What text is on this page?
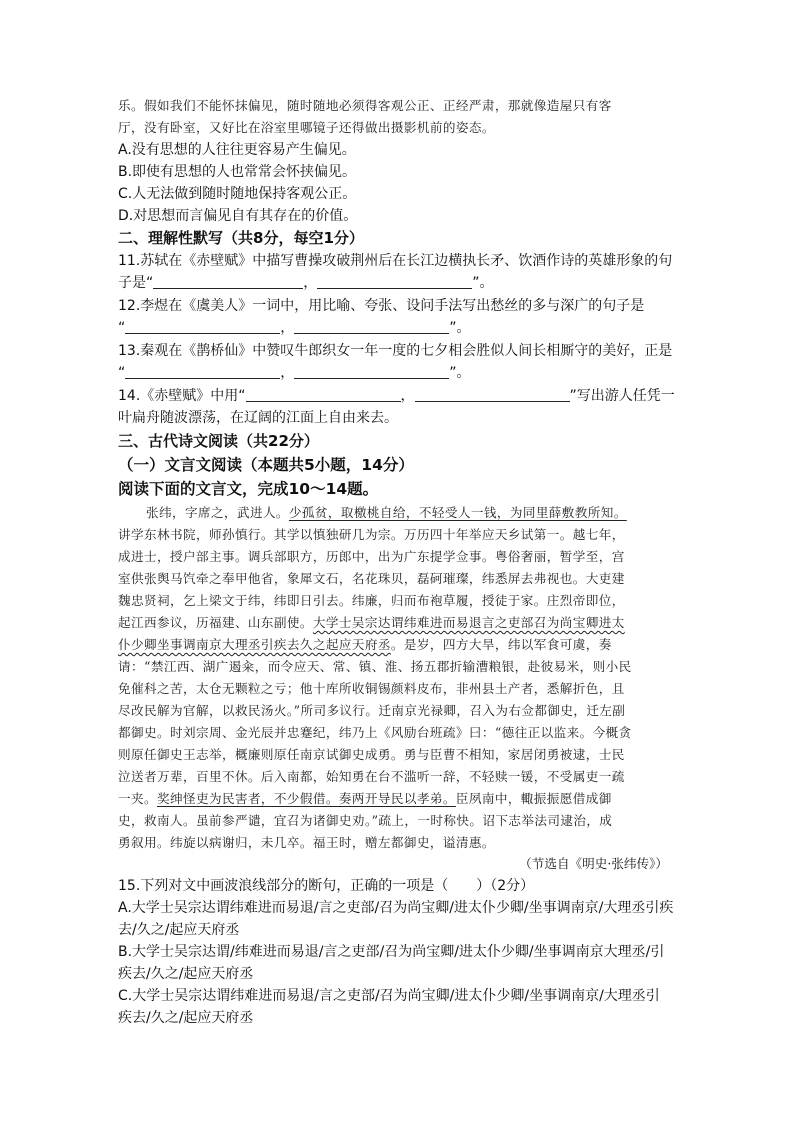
乐。假如我们不能怀抹偏见，随时随地必须得客观公正、正经严肃，那就像造屋只有客
厅，没有卧室，又好比在浴室里哪镜子还得做出摄影机前的姿态。
A.没有思想的人往往更容易产生偏见。
B.即使有思想的人也常常会怀挟偏见。
C.人无法做到随时随地保持客观公正。
D.对思想而言偏见自有其存在的价值。
二、理解性默写（共8分，每空1分）
11.苏轼在《赤壁赋》中描写曹操攻破荆州后在长江边横执长矛、饮酒作诗的英雄形象的句
子是“	，	”。
12.李煜在《虞美人》一词中，用比喻、夸张、设问手法写出愁丝的多与深广的句子是
“	，	”。
13.秦观在《鹊桥仙》中赞叹牛郎织女一年一度的七夕相会胜似人间长相厮守的美好，正是
“	，	”。
14.《赤壁赋》中用“	，	”写出游人任凭一
叶扁舟随波漂荡，在辽阔的江面上自由来去。
三、古代诗文阅读（共22分）
（一）文言文阅读（本题共5小题，14分）
阅读下面的文言文，完成10～14题。
张纬，字席之，武进人。少孤贫，取檄桃自给，不轻受人一钱，为同里薛敷教所知。
讲学东林书院，师孙慎行。其学以慎独研几为宗。万历四十年举应天乡试第一。越七年，
成进士，授户部主事。调兵部职方，历郎中，出为广东提学佥事。粤俗奢丽，暂学至，宫
室供张舆马饩牵之奉甲他省，象犀文石，名花珠贝，磊砢璀璨，纬悉屏去弗视也。大吏建
魏忠贤祠，乞上梁文于纬，纬即日引去。纬廉，归而布袍草履，授徒于家。庄烈帝即位，
起江西参议，历福建、山东副使。大学士吴宗达谓纬难进而易退言之吏部召为尚宝卿进太
仆少卿坐事调南京大理丞引疾去久之起应天府丞。是岁，四方大旱，纬以军食可虞，奏
请：“禁江西、湖广遏籴，而令应天、常、镇、淮、扬五郡折输漕粮银，赴彼易米，则小民
免催科之苦，太仓无颗粒之亏；他十库所收铜锡颜料皮布，非州县土产者，悉解折色，且
尽改民解为官解，以救民汤火。”所司多议行。迁南京光禄卿，召入为右佥都御史，迁左副
都御史。时刘宗周、金光辰并忠蹇纪，纬乃上《风励台班疏》曰：“德往正以监来。今概贪
则原任御史王志举，概廉则原任南京试御史成勇。勇与臣曹不相知，家居闭勇被逮，士民
泣送者万辈，百里不休。后入南都，始知勇在台不滥听一辞，不轻赎一锾，不受属吏一疏
一夹。奖绅怪吏为民害者，不少假借。奏两开导民以孝弟。臣夙南中，輙振振愿借成御
史，救南人。虽前参严谴，宜召为诸御史劝。”疏上，一时称快。诏下志举法司逮治，成
勇叙用。纬旋以病谢归，未几卒。福王时，赠左都御史，谥清惠。
（节选自《明史·张纬传》）
15.下列对文中画波浪线部分的断句，正确的一项是（　　）（2分）
A.大学士吴宗达谓纬难进而易退/言之吏部/召为尚宝卿/进太仆少卿/坐事调南京/大理丞引疾
去/久之/起应天府丞
B.大学士吴宗达谓/纬难进而易退/言之吏部/召为尚宝卿/进太仆少卿/坐事调南京大理丞/引
疾去/久之/起应天府丞
C.大学士吴宗达谓纬难进而易退/言之吏部/召为尚宝卿/进太仆少卿/坐事调南京/大理丞引
疾去/久之/起应天府丞
